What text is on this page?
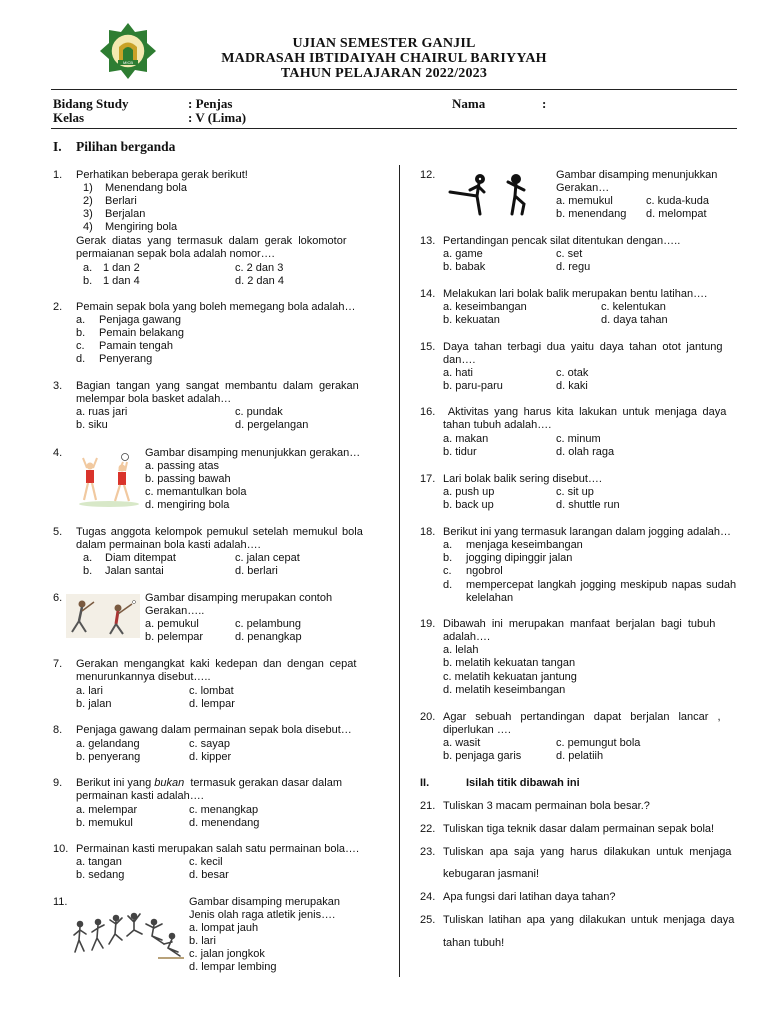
MICB
UJIAN SEMESTER GANJIL
MADRASAH IBTIDAIYAH CHAIRUL BARIYYAH
TAHUN PELAJARAN 2022/2023
Bidang Study	: Penjas
Kelas	: V (Lima)
Nama	:
I. Pilihan berganda
1. Perhatikan beberapa gerak berikut!
1) Menendang bola
2) Berlari
3) Berjalan
4) Mengiring bola
Gerak diatas yang termasuk dalam gerak lokomotor
permaianan sepak bola adalah nomor….
a. 1 dan 2
b. 1 dan 4
c. 2 dan 3
d. 2 dan 4
2. Pemain sepak bola yang boleh memegang bola adalah…
a. Penjaga gawang
b. Pemain belakang
c. Pamain tengah
d. Penyerang
3. Bagian tangan yang sangat membantu dalam gerakan
melempar bola basket adalah…
a. ruas jari
b. siku
c. pundak
d. pergelangan
4.	Gambar disamping menunjukkan gerakan…
a. passing atas
b. passing bawah
c. memantulkan bola
d. mengiring bola
5. Tugas anggota kelompok pemukul setelah memukul bola
dalam permainan bola kasti adalah….
a. Diam ditempat
b. Jalan santai
c. jalan cepat
d. berlari
6.	Gambar disamping merupakan contoh
Gerakan…..
a. pemukul
b. pelempar
c. pelambung
d. penangkap
7. Gerakan mengangkat kaki kedepan dan dengan cepat
menurunkannya disebut…..
a. lari
b. jalan
c. lombat
d. lempar
8. Penjaga gawang dalam permainan sepak bola disebut…
a. gelandang
b. penyerang
c. sayap
d. kipper
9. Berikut ini yang bukan  termasuk gerakan dasar dalam
permainan kasti adalah….
a. melempar
b. memukul
c. menangkap
d. menendang
10. Permainan kasti merupakan salah satu permainan bola….
a. tangan
b. sedang
c. kecil
d. besar
11.	Gambar disamping merupakan
Jenis olah raga atletik jenis….
a. lompat jauh
b. lari
c. jalan jongkok
d. lempar lembing
12.	Gambar disamping menunjukkan
Gerakan…
a. memukul
b. menendang
c. kuda-kuda
d. melompat
13. Pertandingan pencak silat ditentukan dengan…..
a. game
b. babak
c. set
d. regu
14. Melakukan lari bolak balik merupakan bentu latihan….
a. keseimbangan
b. kekuatan
c. kelentukan
d. daya tahan
15. Daya tahan terbagi dua yaitu daya tahan otot jantung
dan….
a. hati
b. paru-paru
c. otak
d. kaki
16. Aktivitas yang harus kita lakukan untuk menjaga daya
tahan tubuh adalah….
a. makan
b. tidur
c. minum
d. olah raga
17. Lari bolak balik sering disebut….
a. push up
b. back up
c. sit up
d. shuttle run
18. Berikut ini yang termasuk larangan dalam jogging adalah…
a. menjaga keseimbangan
b. jogging dipinggir jalan
c. ngobrol
d. mempercepat langkah jogging meskipub napas sudah
kelelahan
19. Dibawah ini merupakan manfaat berjalan bagi tubuh
adalah….
a. lelah
b. melatih kekuatan tangan
c. melatih kekuatan jantung
d. melatih keseimbangan
20. Agar sebuah pertandingan dapat berjalan lancar ,
diperlukan ….
a. wasit
b. penjaga garis
c. pemungut bola
d. pelatiih
II.	Isilah titik dibawah ini
21. Tuliskan 3 macam permainan bola besar.?
22. Tuliskan tiga teknik dasar dalam permainan sepak bola!
23. Tuliskan apa saja yang harus dilakukan untuk menjaga
kebugaran jasmani!
24. Apa fungsi dari latihan daya tahan?
25. Tuliskan latihan apa yang dilakukan untuk menjaga daya
tahan tubuh!
